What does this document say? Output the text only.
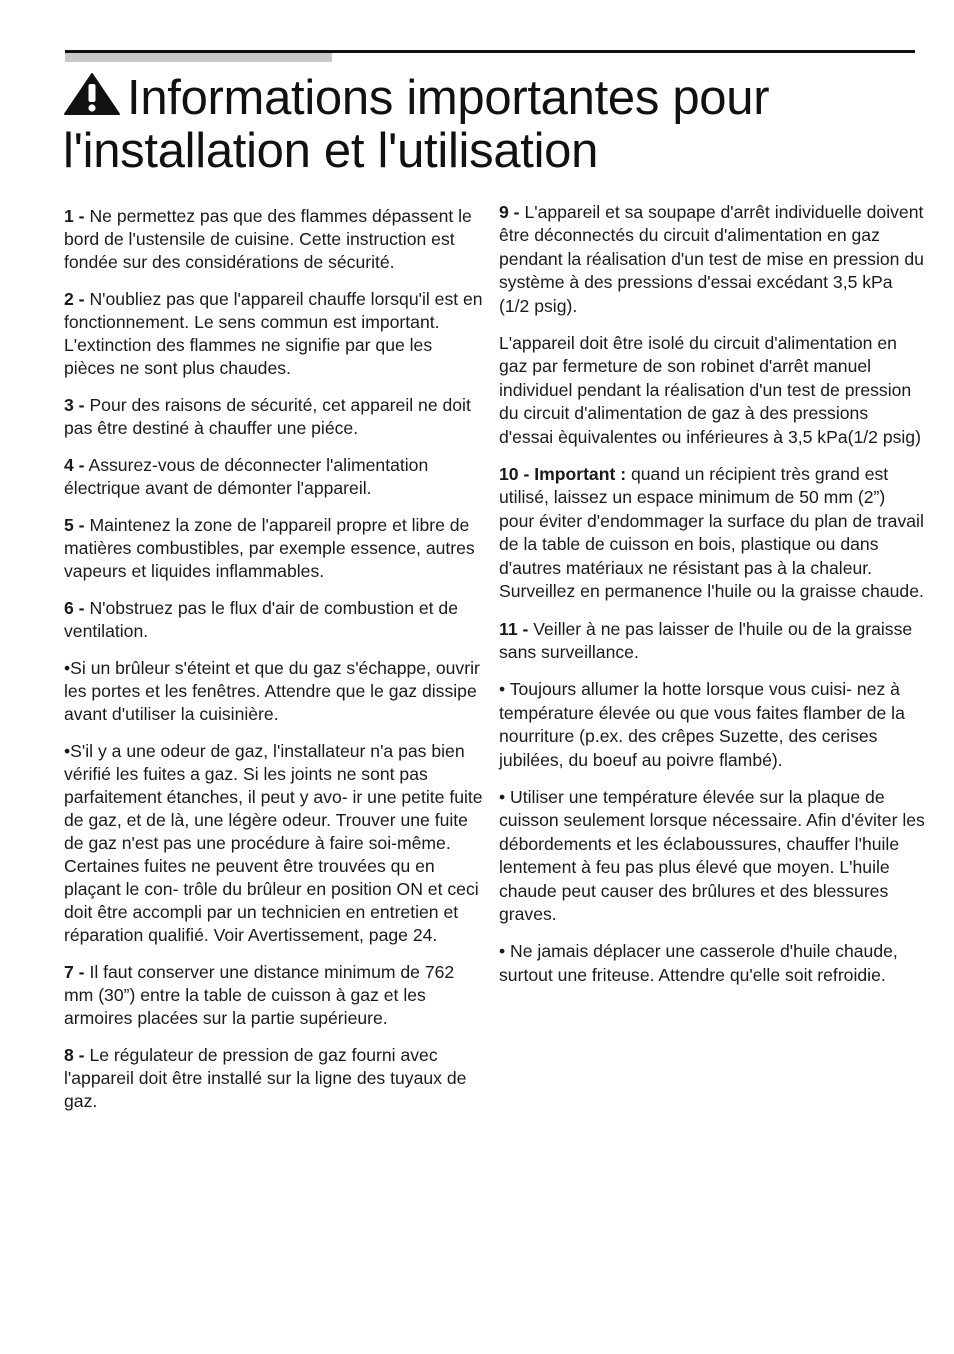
Informations importantes pour l'installation et l'utilisation

1 - Ne permettez pas que des flammes dépassent le bord de l'ustensile de cuisine. Cette instruction est fondée sur des considérations de sécurité.

2 - N'oubliez pas que l'appareil chauffe lorsqu'il est en fonctionnement. Le sens commun est important. L'extinction des flammes ne signifie par que les pièces ne sont plus chaudes.

3 - Pour des raisons de sécurité, cet appareil ne doit pas être destiné à chauffer une piéce.

4 - Assurez-vous de déconnecter l'alimentation électrique avant de démonter l'appareil.

5 - Maintenez la zone de l'appareil propre et libre de matières combustibles, par exemple essence, autres vapeurs et liquides inflammables.

6 - N'obstruez pas le flux d'air de combustion et de ventilation.

•Si un brûleur s'éteint et que du gaz s'échappe, ouvrir les portes et les fenêtres. Attendre que le gaz dissipe avant d'utiliser la cuisinière.

•S'il y a une odeur de gaz, l'installateur n'a pas bien vérifié les fuites a gaz. Si les joints ne sont pas parfaitement étanches, il peut y avo- ir une petite fuite de gaz, et de là, une légère odeur. Trouver une fuite de gaz n'est pas une procédure à faire soi-même. Certaines fuites ne peuvent être trouvées qu en plaçant le con- trôle du brûleur en position ON et ceci doit être accompli par un technicien en entretien et réparation qualifié. Voir Avertissement, page 24.

7 - Il faut conserver une distance minimum de 762 mm (30”) entre la table de cuisson à gaz et les armoires placées sur la partie supérieure.

8 - Le régulateur de pression de gaz fourni avec l'appareil doit être installé sur la ligne des tuyaux de gaz.

9 - L'appareil et sa soupape d'arrêt individuelle doivent être déconnectés du circuit d'alimentation en gaz pendant la réalisation d'un test de mise en pression du système à des pressions d'essai excédant 3,5 kPa (1/2 psig).

L'appareil doit être isolé du circuit d'alimentation en gaz par fermeture de son robinet d'arrêt manuel individuel pendant la réalisation d'un test de pression du circuit d'alimentation de gaz à des pressions d'essai èquivalentes ou inférieures à 3,5 kPa(1/2 psig)

10 - Important : quand un récipient très grand est utilisé, laissez un espace minimum de 50 mm (2”) pour éviter d'endommager la surface du plan de travail de la table de cuisson en bois, plastique ou dans d'autres matériaux ne résistant pas à la chaleur. Surveillez en permanence l'huile ou la graisse chaude.

11 - Veiller à ne pas laisser de l'huile ou de la graisse sans surveillance.

• Toujours allumer la hotte lorsque vous cuisi- nez à température élevée ou que vous faites flamber de la nourriture (p.ex. des crêpes Suzette, des cerises jubilées, du boeuf au poivre flambé).

• Utiliser une température élevée sur la plaque de cuisson seulement lorsque nécessaire. Afin d'éviter les débordements et les éclaboussures, chauffer l'huile lentement à feu pas plus élevé que moyen. L'huile chaude peut causer des brûlures et des blessures graves.

• Ne jamais déplacer une casserole d'huile chaude, surtout une friteuse. Attendre qu'elle soit refroidie.
